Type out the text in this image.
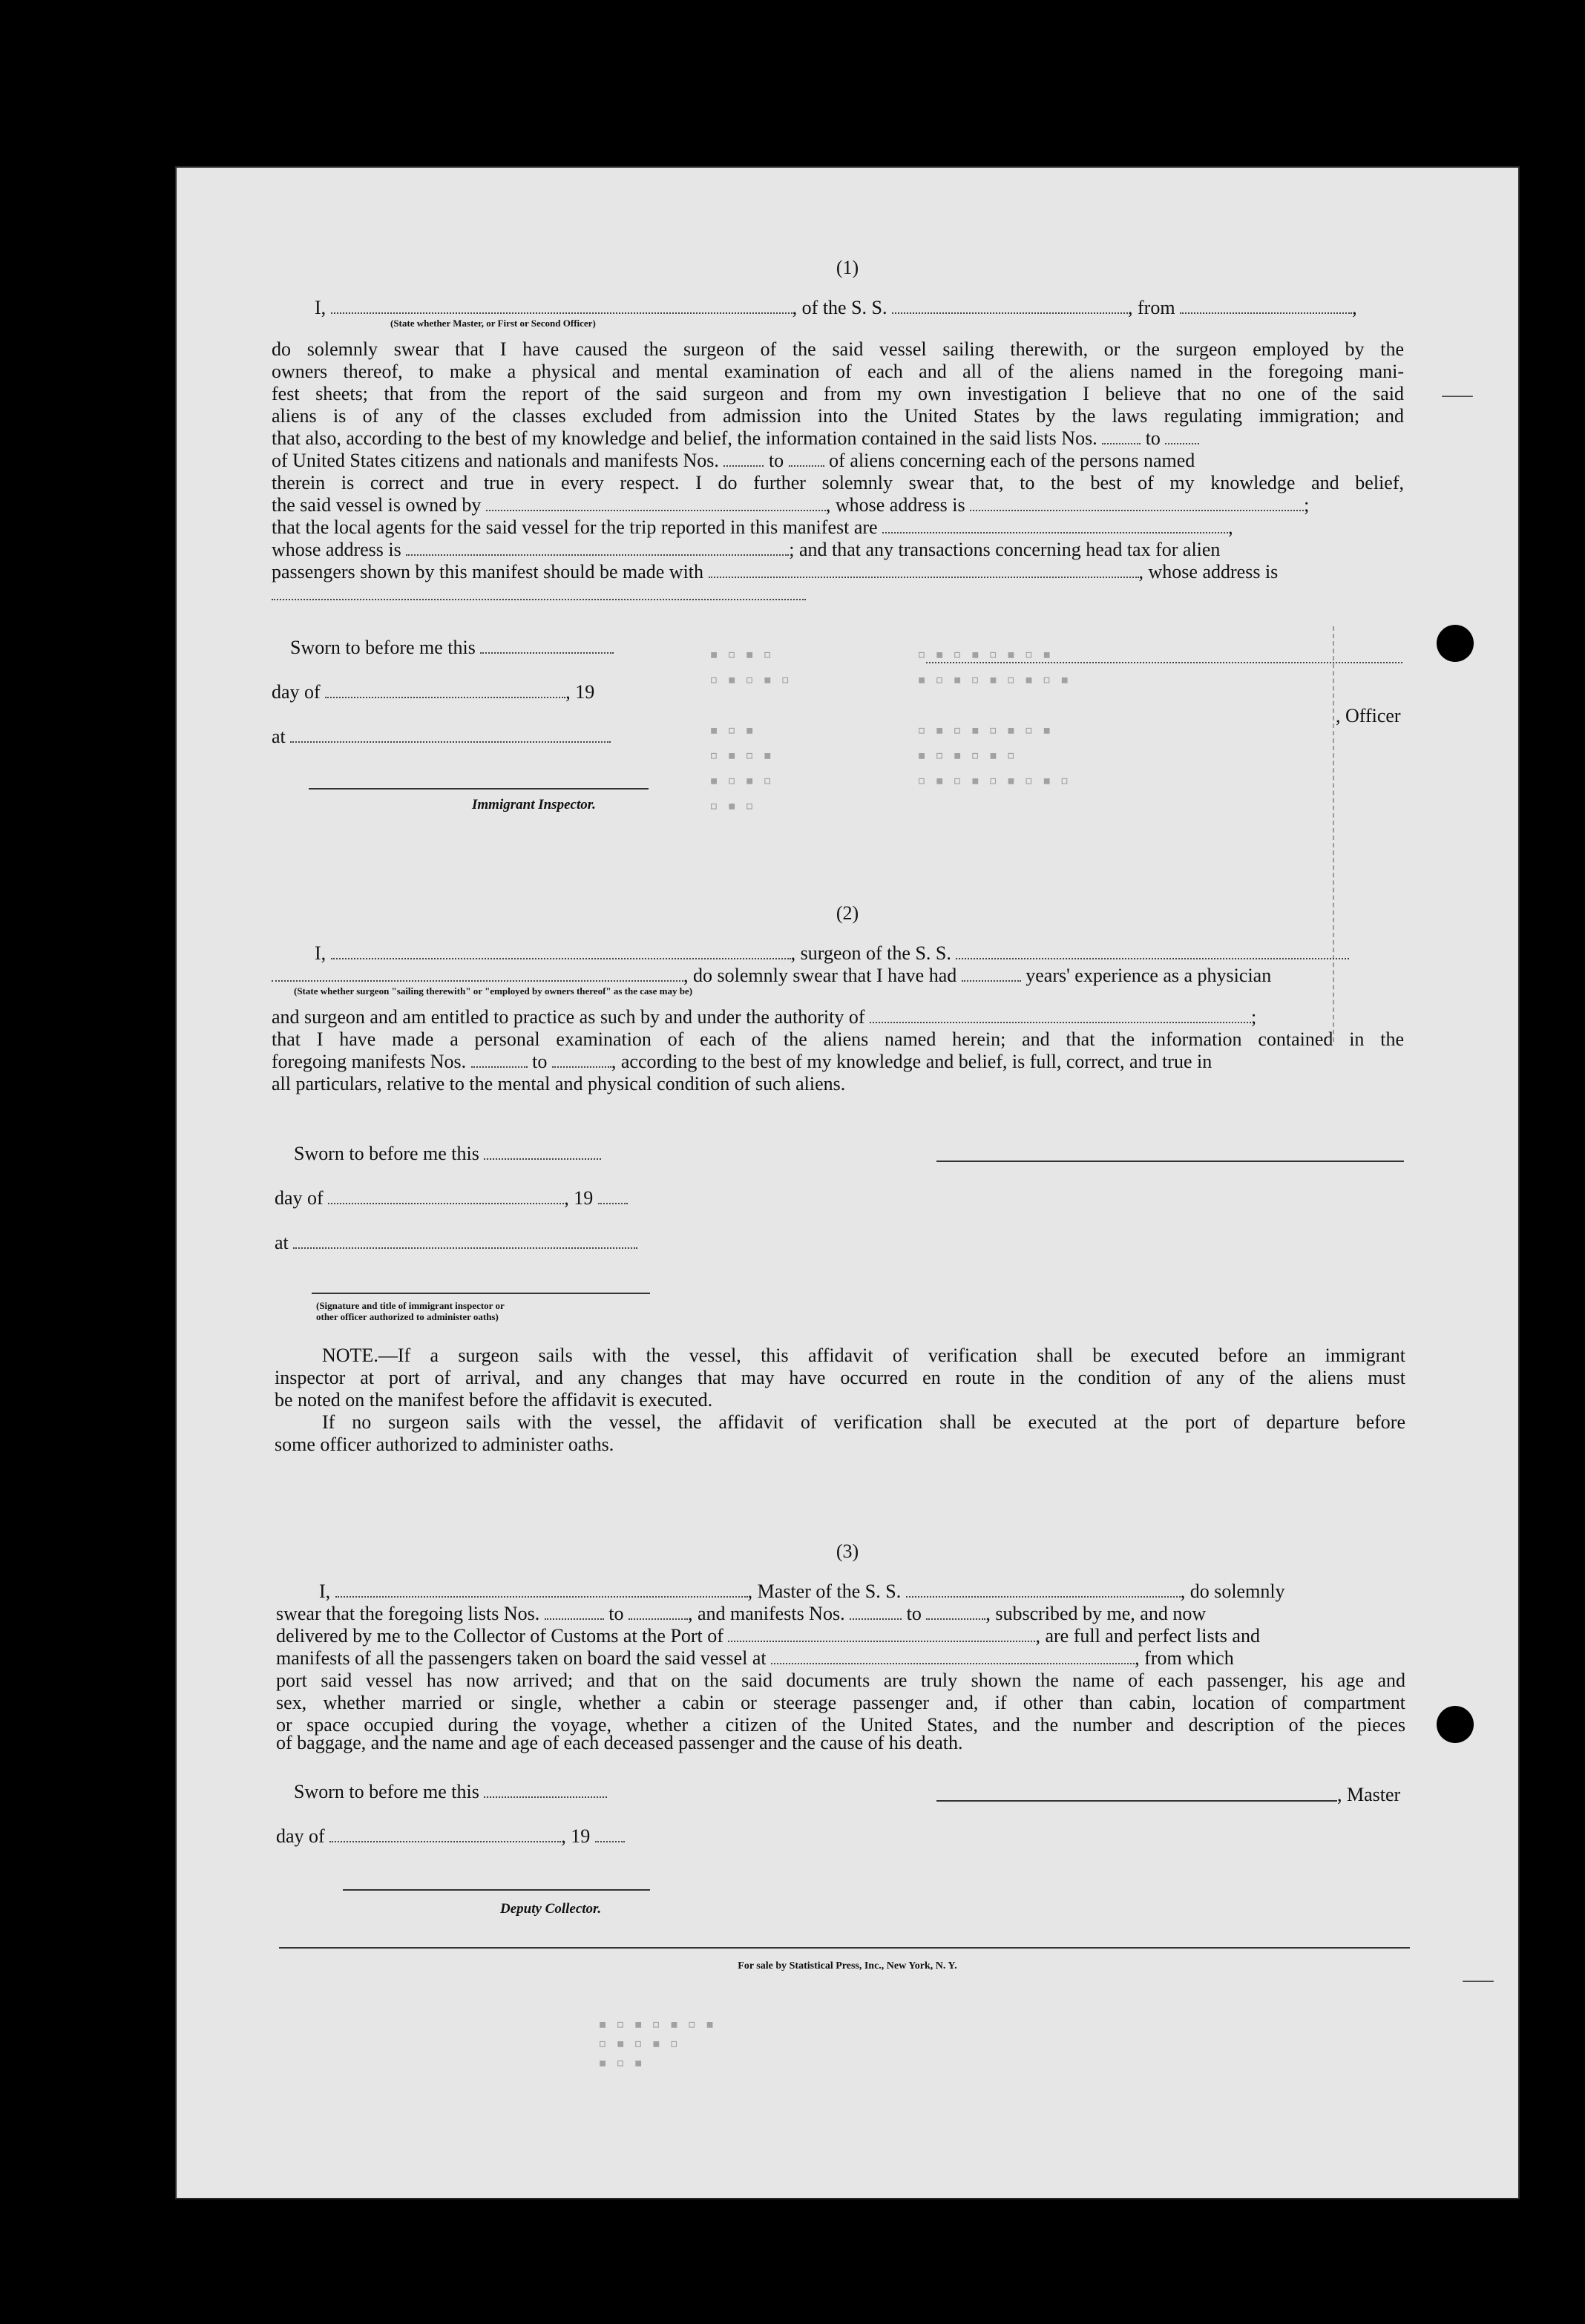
▪ ▫ ▪ ▫
▫ ▪ ▫ ▪ ▫

▪ ▫ ▪
▫ ▪ ▫ ▪
▪ ▫ ▪ ▫
▫ ▪ ▫
▫ ▪ ▫ ▪ ▫ ▪ ▫ ▪
▪ ▫ ▪ ▫ ▪ ▫ ▪ ▫ ▪

▫ ▪ ▫ ▪ ▫ ▪ ▫ ▪
▪ ▫ ▪ ▫ ▪ ▫
▫ ▪ ▫ ▪ ▫ ▪ ▫ ▪ ▫
▪ ▫ ▪ ▫ ▪ ▫ ▪
▫ ▪ ▫ ▪ ▫
▪ ▫ ▪
(1)
I,	, of the S. S.	, from	,
(State whether Master, or First or Second Officer)
do solemnly swear that I have caused the surgeon of the said vessel sailing therewith, or the surgeon employed by the
owners thereof, to make a physical and mental examination of each and all of the aliens named in the foregoing mani-
fest sheets; that from the report of the said surgeon and from my own investigation I believe that no one of the said
aliens is of any of the classes excluded from admission into the United States by the laws regulating immigration; and
that also, according to the best of my knowledge and belief, the information contained in the said lists Nos.	to
of United States citizens and nationals and manifests Nos.	to of aliens concerning each of the persons named
therein is correct and true in every respect. I do further solemnly swear that, to the best of my knowledge and belief,
the said vessel is owned by	, whose address is	;
that the local agents for the said vessel for the trip reported in this manifest are	,
whose address is	; and that any transactions concerning head tax for alien
passengers shown by this manifest should be made with	, whose address is
Sworn to before me this
day of	, 19
at
Immigrant Inspector.
, Officer
(2)
I,	, surgeon of the S. S.
, do solemnly swear that I have had	years' experience as a physician
(State whether surgeon "sailing therewith" or "employed by owners thereof" as the case may be)
and surgeon and am entitled to practice as such by and under the authority of	;
that I have made a personal examination of each of the aliens named herein; and that the information contained in the
foregoing manifests Nos.	to	, according to the best of my knowledge and belief, is full, correct, and true in
all particulars, relative to the mental and physical condition of such aliens.
Sworn to before me this
day of	, 19
at
(Signature and title of immigrant inspector or
other officer authorized to administer oaths)
NOTE.—If a surgeon sails with the vessel, this affidavit of verification shall be executed before an immigrant
inspector at port of arrival, and any changes that may have occurred en route in the condition of any of the aliens must
be noted on the manifest before the affidavit is executed.
If no surgeon sails with the vessel, the affidavit of verification shall be executed at the port of departure before
some officer authorized to administer oaths.
(3)
I,	, Master of the S. S.	, do solemnly
swear that the foregoing lists Nos.	to	, and manifests Nos.	to	, subscribed by me, and now
delivered by me to the Collector of Customs at the Port of	, are full and perfect lists and
manifests of all the passengers taken on board the said vessel at	, from which
port said vessel has now arrived; and that on the said documents are truly shown the name of each passenger, his age and
sex, whether married or single, whether a cabin or steerage passenger and, if other than cabin, location of compartment
or space occupied during the voyage, whether a citizen of the United States, and the number and description of the pieces
of baggage, and the name and age of each deceased passenger and the cause of his death.
Sworn to before me this	, Master
day of	, 19
Deputy Collector.
For sale by Statistical Press, Inc., New York, N. Y.
⸺
⸺
